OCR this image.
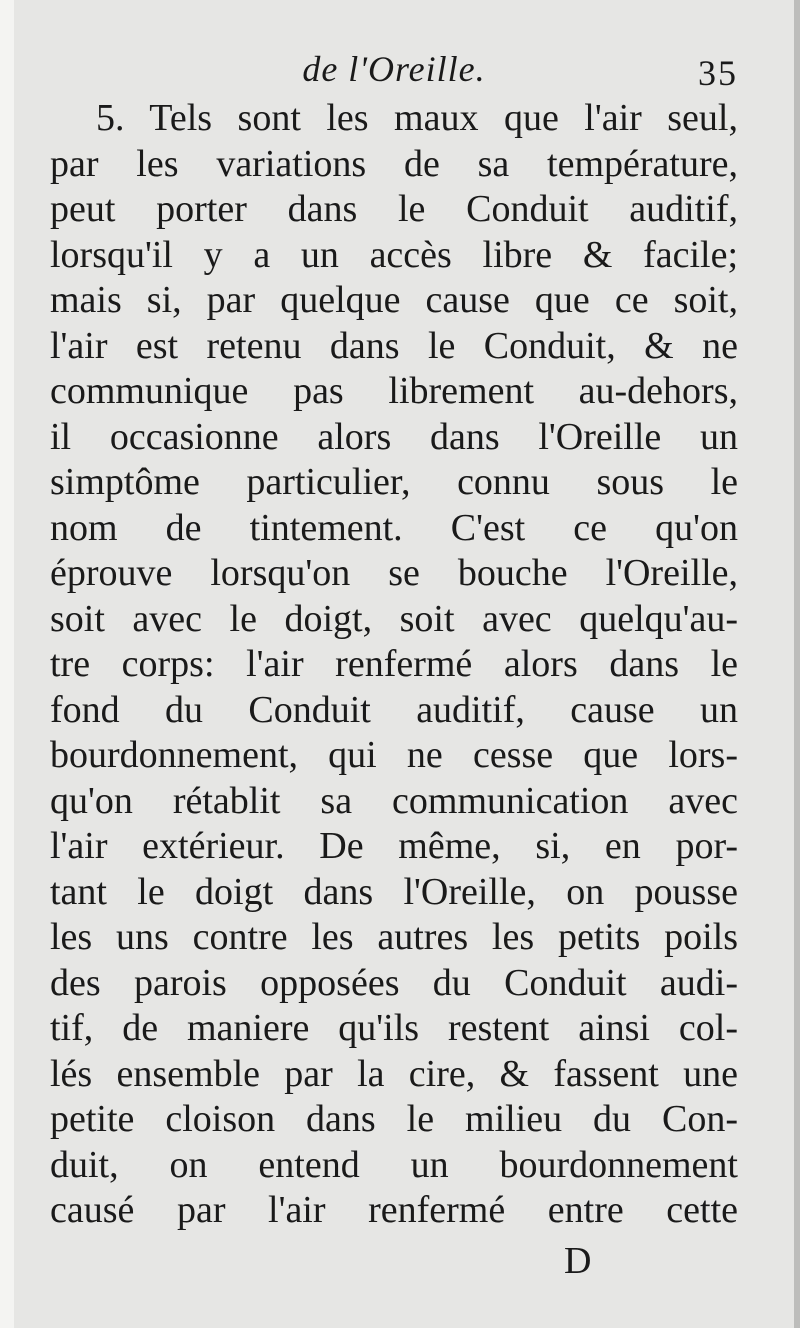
de l'Oreille.	35
5. Tels sont les maux que l'air seul,
par les variations de sa température,
peut porter dans le Conduit auditif,
lorsqu'il y a un accès libre & facile;
mais si, par quelque cause que ce soit,
l'air est retenu dans le Conduit, & ne
communique pas librement au-dehors,
il occasionne alors dans l'Oreille un
simptôme particulier, connu sous le
nom de tintement. C'est ce qu'on
éprouve lorsqu'on se bouche l'Oreille,
soit avec le doigt, soit avec quelqu'au-
tre corps: l'air renfermé alors dans le
fond du Conduit auditif, cause un
bourdonnement, qui ne cesse que lors-
qu'on rétablit sa communication avec
l'air extérieur. De même, si, en por-
tant le doigt dans l'Oreille, on pousse
les uns contre les autres les petits poils
des parois opposées du Conduit audi-
tif, de maniere qu'ils restent ainsi col-
lés ensemble par la cire, & fassent une
petite cloison dans le milieu du Con-
duit, on entend un bourdonnement
causé par l'air renfermé entre cette
D
